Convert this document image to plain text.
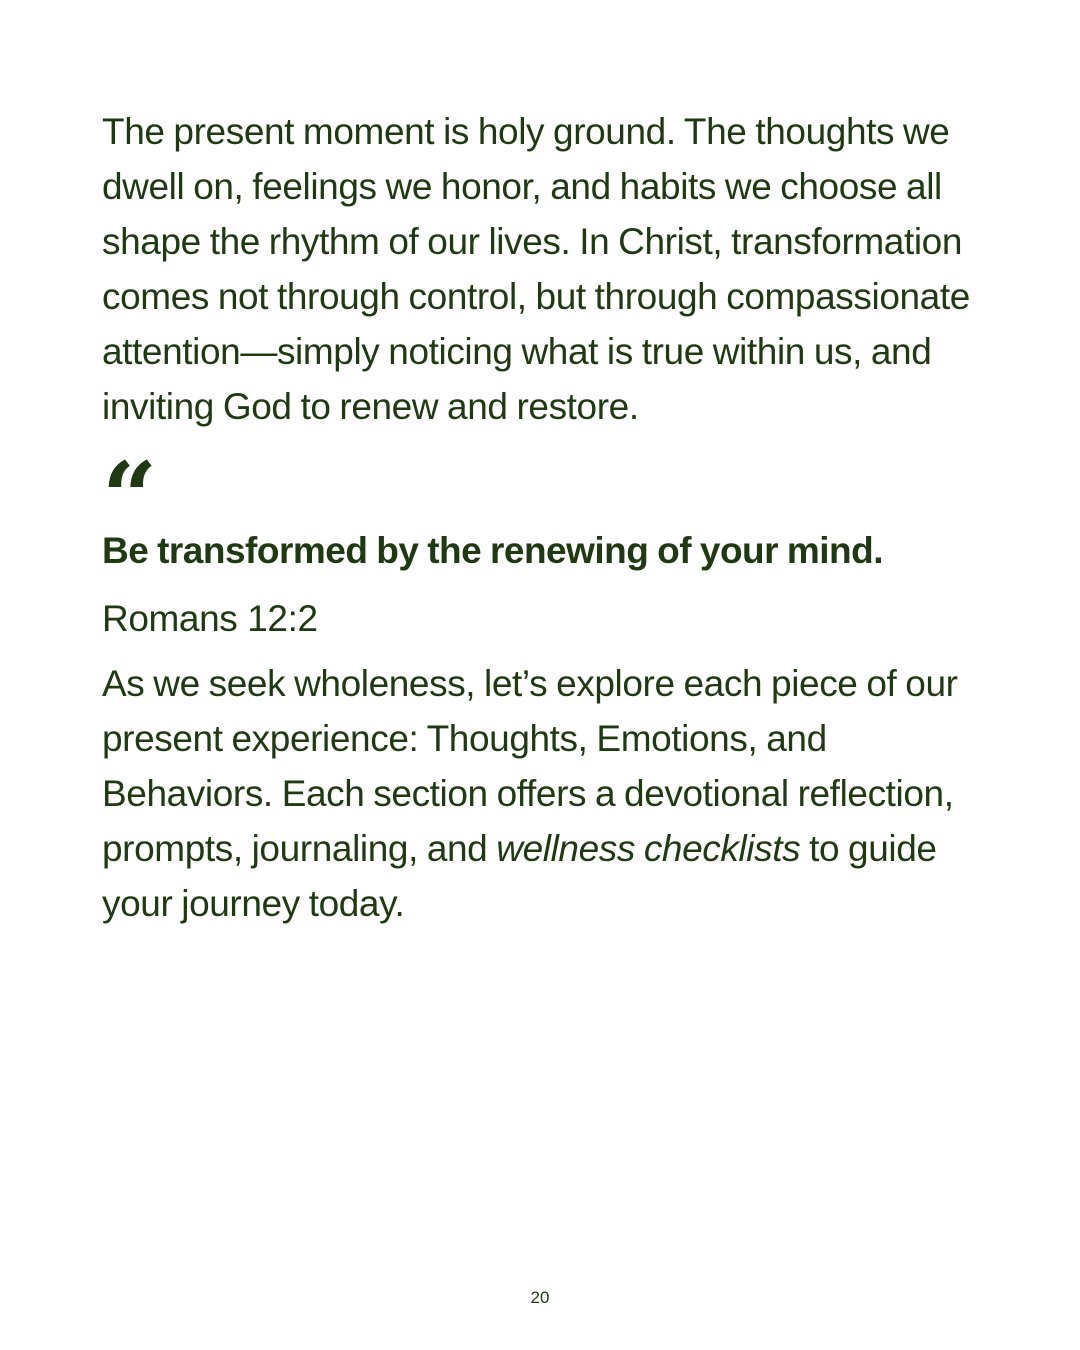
The present moment is holy ground. The thoughts we dwell on, feelings we honor, and habits we choose all shape the rhythm of our lives. In Christ, transformation comes not through control, but through compassionate attention—simply noticing what is true within us, and inviting God to renew and restore.

“

Be transformed by the renewing of your mind.

Romans 12:2

As we seek wholeness, let’s explore each piece of our present experience: Thoughts, Emotions, and Behaviors. Each section offers a devotional reflection, prompts, journaling, and wellness checklists to guide your journey today.

20
